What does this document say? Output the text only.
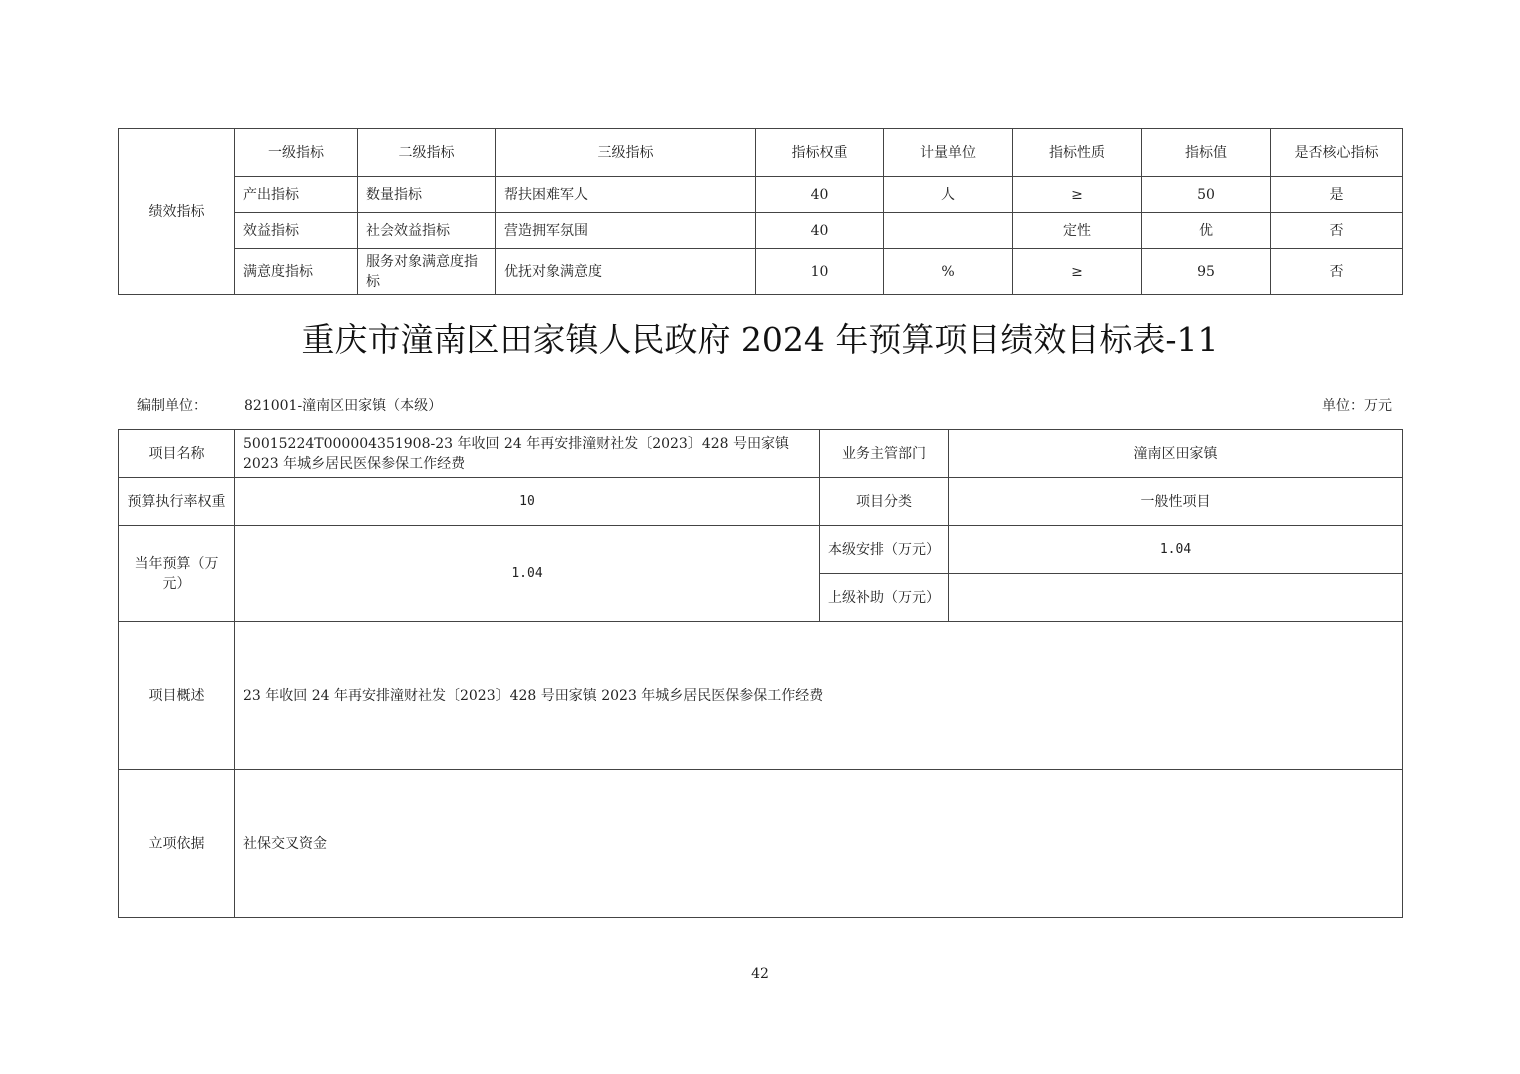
绩效指标	一级指标	二级指标	三级指标	指标权重	计量单位	指标性质	指标值	是否核心指标
	产出指标	数量指标	帮扶困难军人	40	人	≥	50	是
	效益指标	社会效益指标	营造拥军氛围	40		定性	优	否
	满意度指标	服务对象满意度指标	优抚对象满意度	10	%	≥	95	否
重庆市潼南区田家镇人民政府 2024 年预算项目绩效目标表-11
编制单位：	821001-潼南区田家镇（本级）	单位：万元
项目名称	50015224T000004351908-23 年收回 24 年再安排潼财社发〔2023〕428 号田家镇 2023 年城乡居民医保参保工作经费	业务主管部门	潼南区田家镇
预算执行率权重	10	项目分类	一般性项目
当年预算（万元）	1.04	本级安排（万元）	1.04
		上级补助（万元）	
项目概述	23 年收回 24 年再安排潼财社发〔2023〕428 号田家镇 2023 年城乡居民医保参保工作经费		
立项依据	社保交叉资金		
42
